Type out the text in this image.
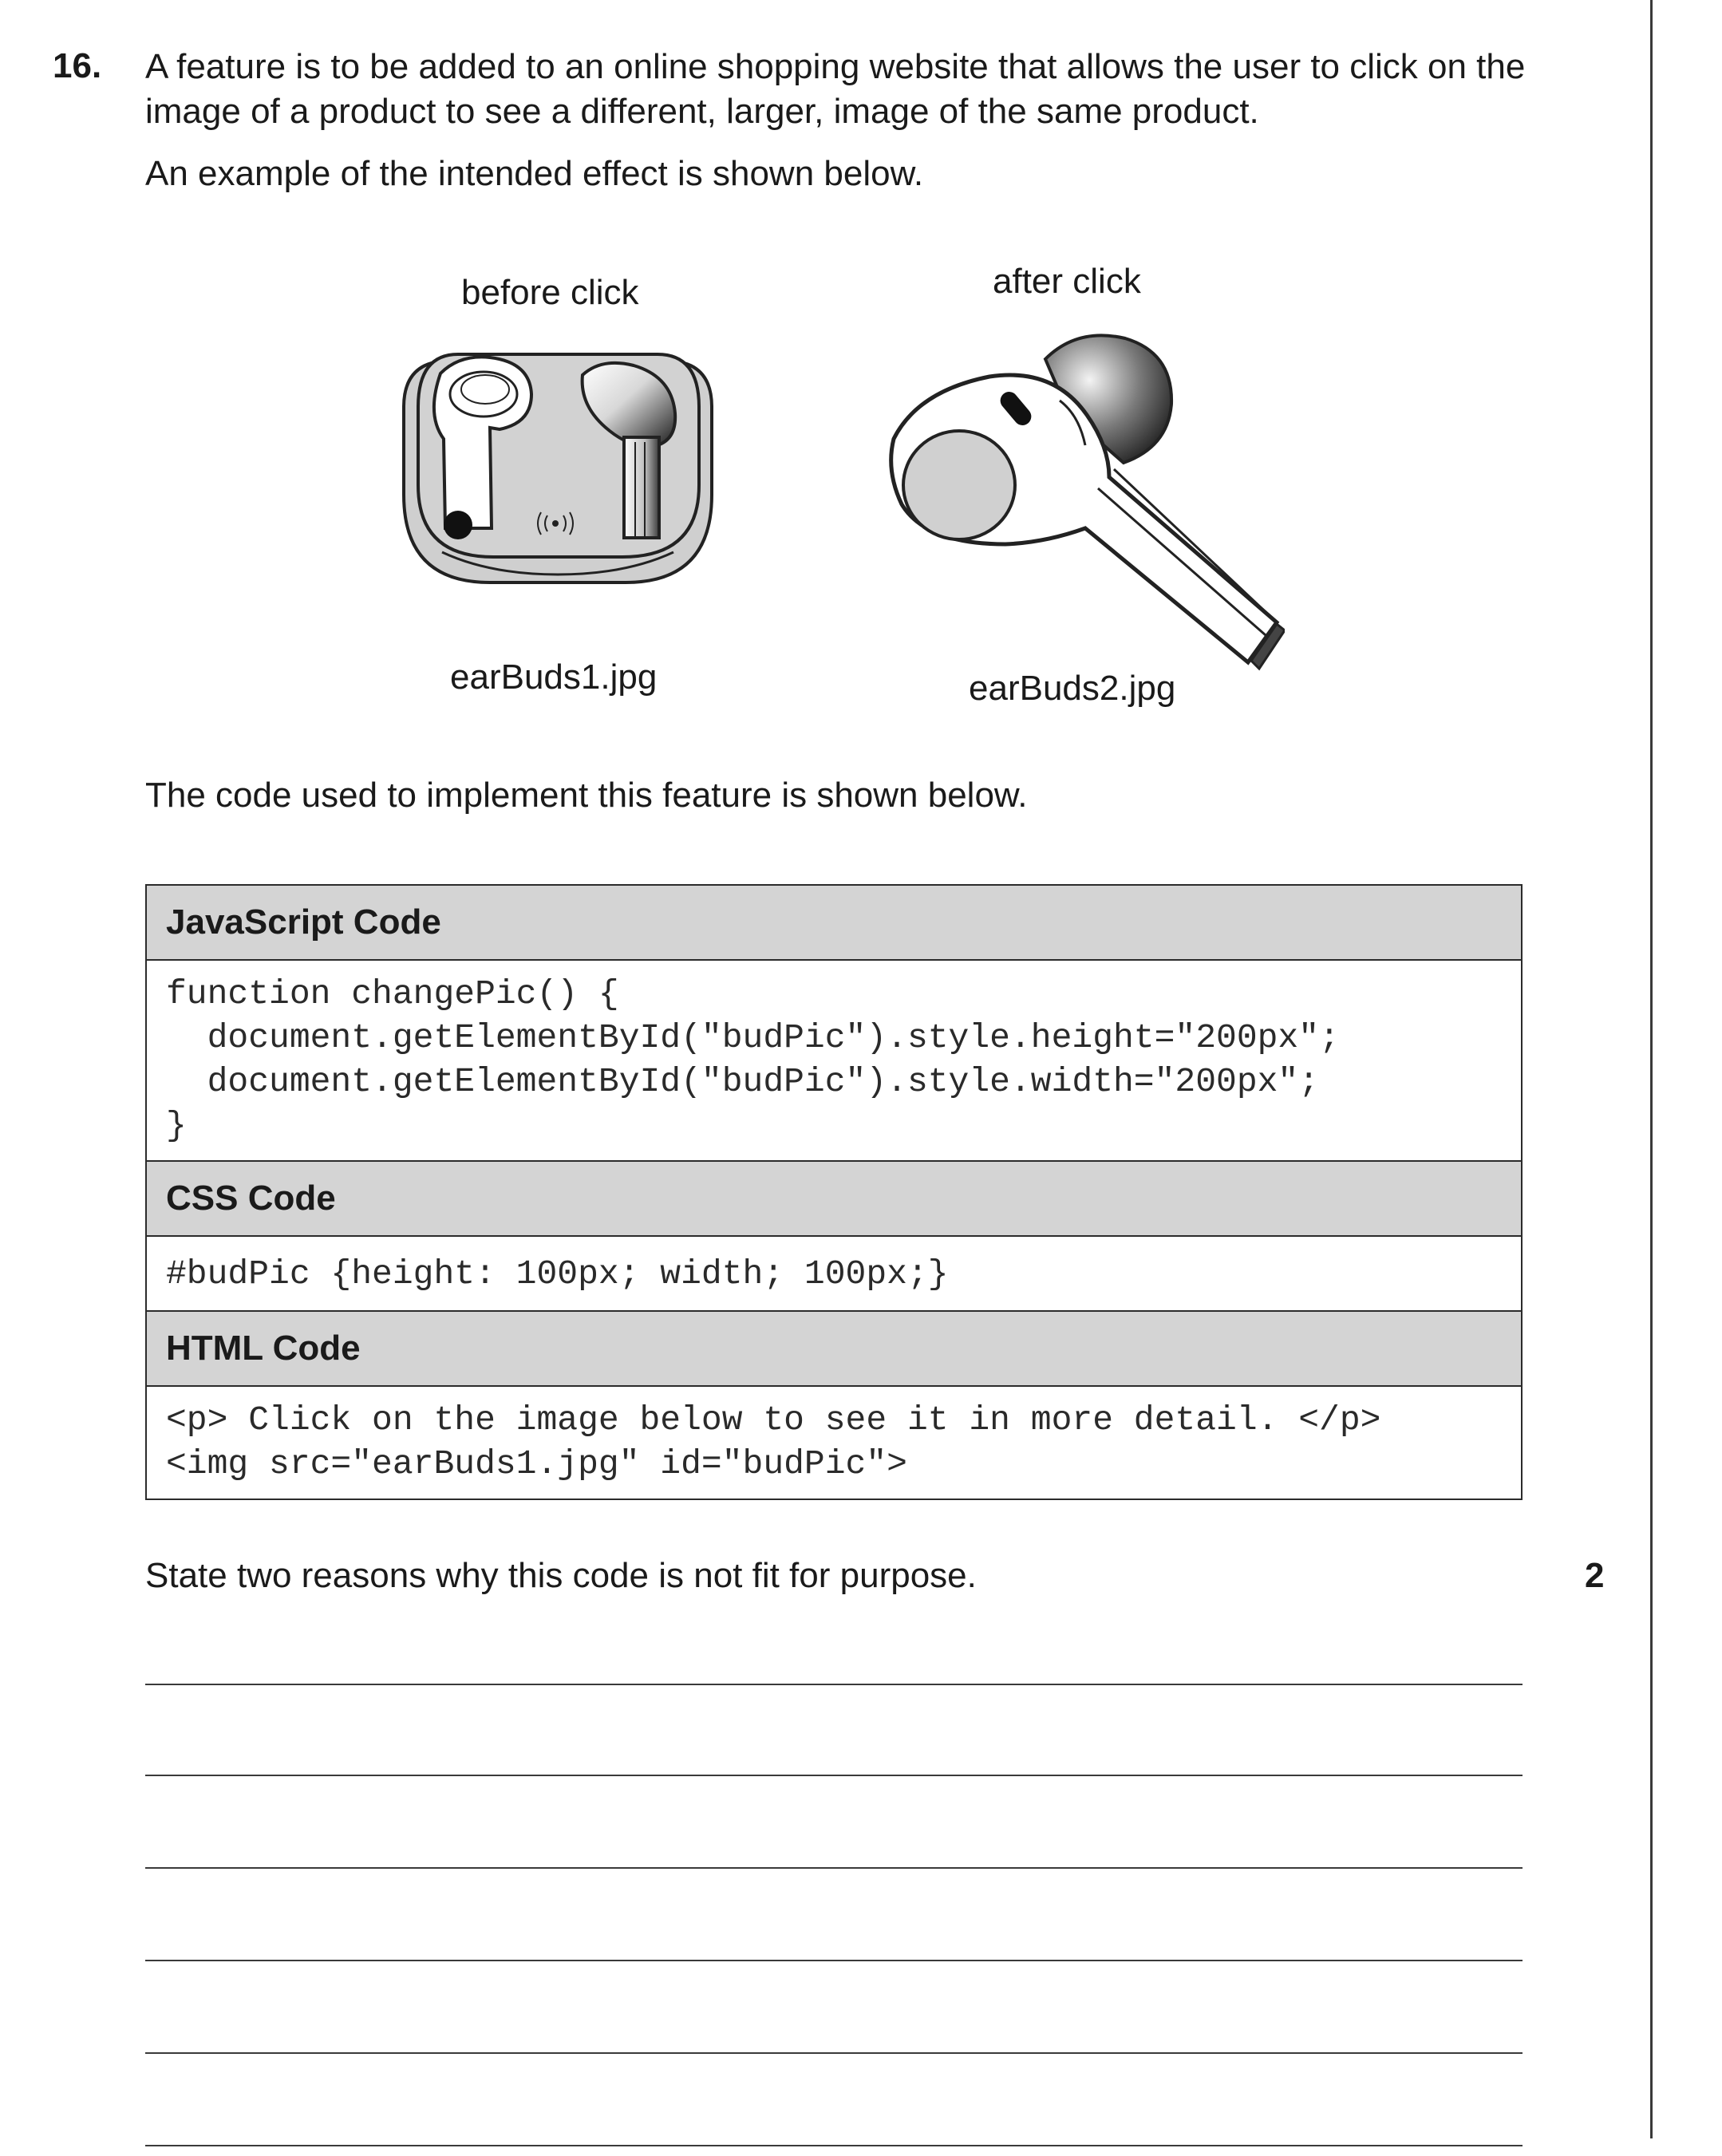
16. A feature is to be added to an online shopping website that allows the user to click on the image of a product to see a different, larger, image of the same product.

An example of the intended effect is shown below.

before click	after click
earBuds1.jpg	earBuds2.jpg
The code used to implement this feature is shown below.
JavaScript Code
function changePic() {
document.getElementById("budPic").style.height="200px";
document.getElementById("budPic").style.width="200px";
}
CSS Code
#budPic {height: 100px; width; 100px;}
HTML Code
<p> Click on the image below to see it in more detail. </p>
<img src="earBuds1.jpg" id="budPic">
State two reasons why this code is not fit for purpose.	2
